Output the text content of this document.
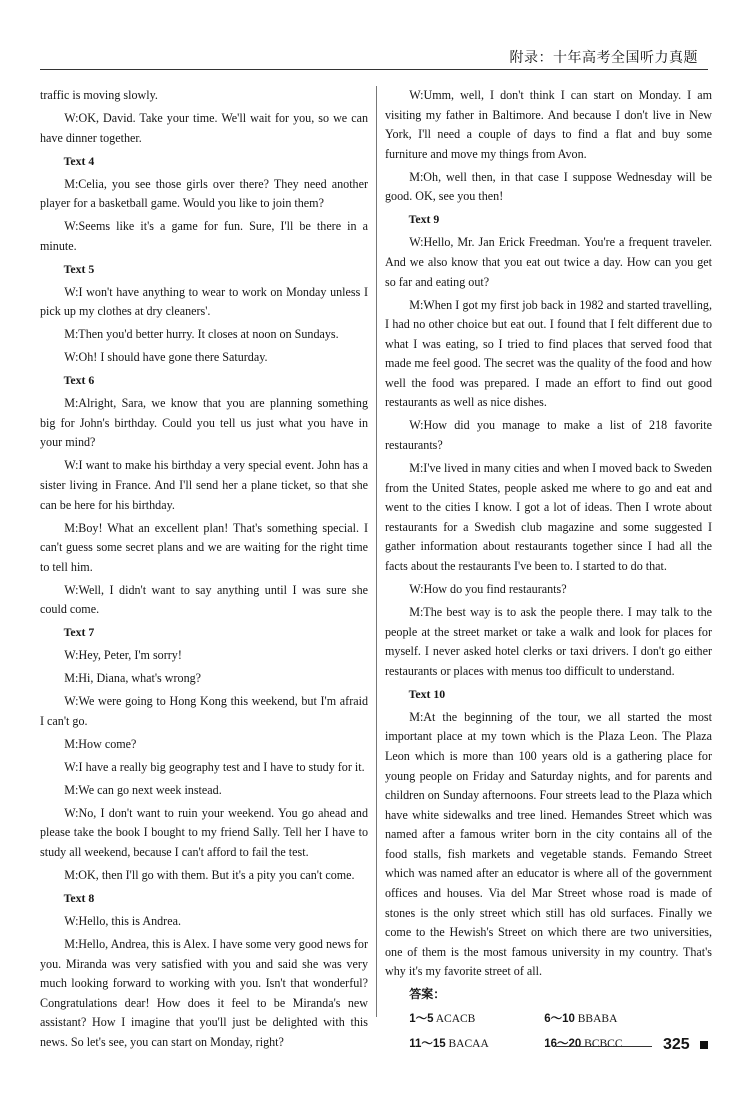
附录：十年高考全国听力真题
traffic is moving slowly.
W:OK, David. Take your time. We'll wait for you, so we can have dinner together.
Text 4
M:Celia, you see those girls over there? They need another player for a basketball game. Would you like to join them?
W:Seems like it's a game for fun. Sure, I'll be there in a minute.
Text 5
W:I won't have anything to wear to work on Monday unless I pick up my clothes at dry cleaners'.
M:Then you'd better hurry. It closes at noon on Sundays.
W:Oh! I should have gone there Saturday.
Text 6
M:Alright, Sara, we know that you are planning something big for John's birthday. Could you tell us just what you have in your mind?
W:I want to make his birthday a very special event. John has a sister living in France. And I'll send her a plane ticket, so that she can be here for his birthday.
M:Boy! What an excellent plan! That's something special. I can't guess some secret plans and we are waiting for the right time to tell him.
W:Well, I didn't want to say anything until I was sure she could come.
Text 7
W:Hey, Peter, I'm sorry!
M:Hi, Diana, what's wrong?
W:We were going to Hong Kong this weekend, but I'm afraid I can't go.
M:How come?
W:I have a really big geography test and I have to study for it.
M:We can go next week instead.
W:No, I don't want to ruin your weekend. You go ahead and please take the book I bought to my friend Sally. Tell her I have to study all weekend, because I can't afford to fail the test.
M:OK, then I'll go with them. But it's a pity you can't come.
Text 8
W:Hello, this is Andrea.
M:Hello, Andrea, this is Alex. I have some very good news for you. Miranda was very satisfied with you and said she was very much looking forward to working with you. Isn't that wonderful? Congratulations dear! How does it feel to be Miranda's new assistant? How I imagine that you'll just be delighted with this news. So let's see, you can start on Monday, right?
W:Umm, well, I don't think I can start on Monday. I am visiting my father in Baltimore. And because I don't live in New York, I'll need a couple of days to find a flat and buy some furniture and move my things from Avon.
M:Oh, well then, in that case I suppose Wednesday will be good. OK, see you then!
Text 9
W:Hello, Mr. Jan Erick Freedman. You're a frequent traveler. And we also know that you eat out twice a day. How can you get so far and eating out?
M:When I got my first job back in 1982 and started travelling, I had no other choice but eat out. I found that I felt different due to what I was eating, so I tried to find places that served food that made me feel good. The secret was the quality of the food and how well the food was prepared. I made an effort to find out good restaurants as well as nice dishes.
W:How did you manage to make a list of 218 favorite restaurants?
M:I've lived in many cities and when I moved back to Sweden from the United States, people asked me where to go and eat and went to the cities I know. I got a lot of ideas. Then I wrote about restaurants for a Swedish club magazine and some suggested I gather information about restaurants together since I had all the facts about the restaurants I've been to. I started to do that.
W:How do you find restaurants?
M:The best way is to ask the people there. I may talk to the people at the street market or take a walk and look for places for myself. I never asked hotel clerks or taxi drivers. I don't go either restaurants or places with menus too difficult to understand.
Text 10
M:At the beginning of the tour, we all started the most important place at my town which is the Plaza Leon. The Plaza Leon which is more than 100 years old is a gathering place for young people on Friday and Saturday nights, and for parents and children on Sunday afternoons. Four streets lead to the Plaza which have white sidewalks and tree lined. Hemandes Street which was named after a famous writer born in the city contains all of the food stalls, fish markets and vegetable stands. Femando Street which was named after an educator is where all of the government offices and houses. Via del Mar Street whose road is made of stones is the only street which still has old surfaces. Finally we come to the Hewish's Street on which there are two universities, one of them is the most famous university in my country. That's why it's my favorite street of all.
答案：
1～5 ACACB	6～10 BBABA
11～15 BACAA	16～20 BCBCC	325
